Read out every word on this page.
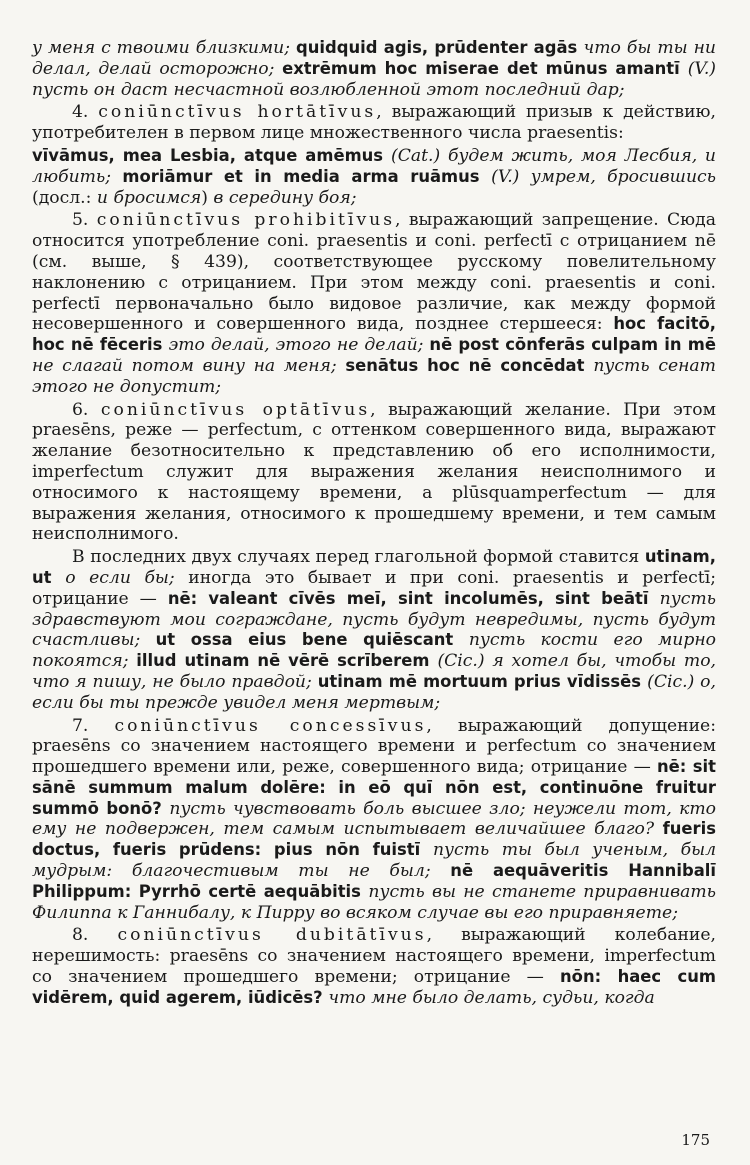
у меня с твоими близкими; quidquid agis, prūdenter agās что бы ты ни делал, делай осторожно; extrēmum hoc miserae det mūnus amantī (V.) пусть он даст несчастной возлюбленной этот последний дар;

4. coniūnctīvus hortātīvus, выражающий призыв к действию, употребителен в первом лице множественного числа praesentis:

vīvāmus, mea Lesbia, atque amēmus (Cat.) будем жить, моя Лесбия, и любить; moriāmur et in media arma ruāmus (V.) умрем, бросившись (досл.: и бросимся) в середину боя;

5. coniūnctīvus prohibitīvus, выражающий запрещение. Сюда относится употребление coni. praesentis и coni. perfectī с отрицанием nē (см. выше, § 439), соответствующее русскому повелительному наклонению с отрицанием. При этом между coni. praesentis и coni. perfectī первоначально было видовое различие, как между формой несовершенного и совершенного вида, позднее стершееся: hoc facitō, hoc nē fēceris это делай, этого не делай; nē post cōnferās culpam in mē не слагай потом вину на меня; senātus hoc nē concēdat пусть сенат этого не допустит;

6. coniūnctīvus optātīvus, выражающий желание. При этом praesēns, реже — perfectum, с оттенком совершенного вида, выражают желание безотносительно к представлению об его исполнимости, imperfectum служит для выражения желания неисполнимого и относимого к настоящему времени, а plūsquamperfectum — для выражения желания, относимого к прошедшему времени, и тем самым неисполнимого.

В последних двух случаях перед глагольной формой ставится utinam, ut о если бы; иногда это бывает и при coni. praesentis и perfectī; отрицание — nē: valeant cīvēs meī, sint incolumēs, sint beātī пусть здравствуют мои сограждане, пусть будут невредимы, пусть будут счастливы; ut ossa eius bene quiēscant пусть кости его мирно покоятся; illud utinam nē vērē scrīberem (Cic.) я хотел бы, чтобы то, что я пишу, не было правдой; utinam mē mortuum prius vīdissēs (Cic.) о, если бы ты прежде увидел меня мертвым;

7. coniūnctīvus concessīvus, выражающий допущение: praesēns со значением настоящего времени и perfectum со значением прошедшего времени или, реже, совершенного вида; отрицание — nē: sit sānē summum malum dolēre: in eō quī nōn est, continuōne fruitur summō bonō? пусть чувствовать боль высшее зло; неужели тот, кто ему не подвержен, тем самым испытывает величайшее благо? fueris doctus, fueris prūdens: pius nōn fuistī пусть ты был ученым, был мудрым: благочестивым ты не был; nē aequāveritis Hannibalī Philippum: Pyrrhō certē aequābitis пусть вы не станете приравнивать Филиппа к Ганнибалу, к Пирру во всяком случае вы его приравняете;

8. coniūnctīvus dubitātīvus, выражающий колебание, нерешимость: praesēns со значением настоящего времени, imperfectum со значением прошедшего времени; отрицание — nōn: haec cum vidērem, quid agerem, iūdicēs? что мне было делать, судьи, когда

175
